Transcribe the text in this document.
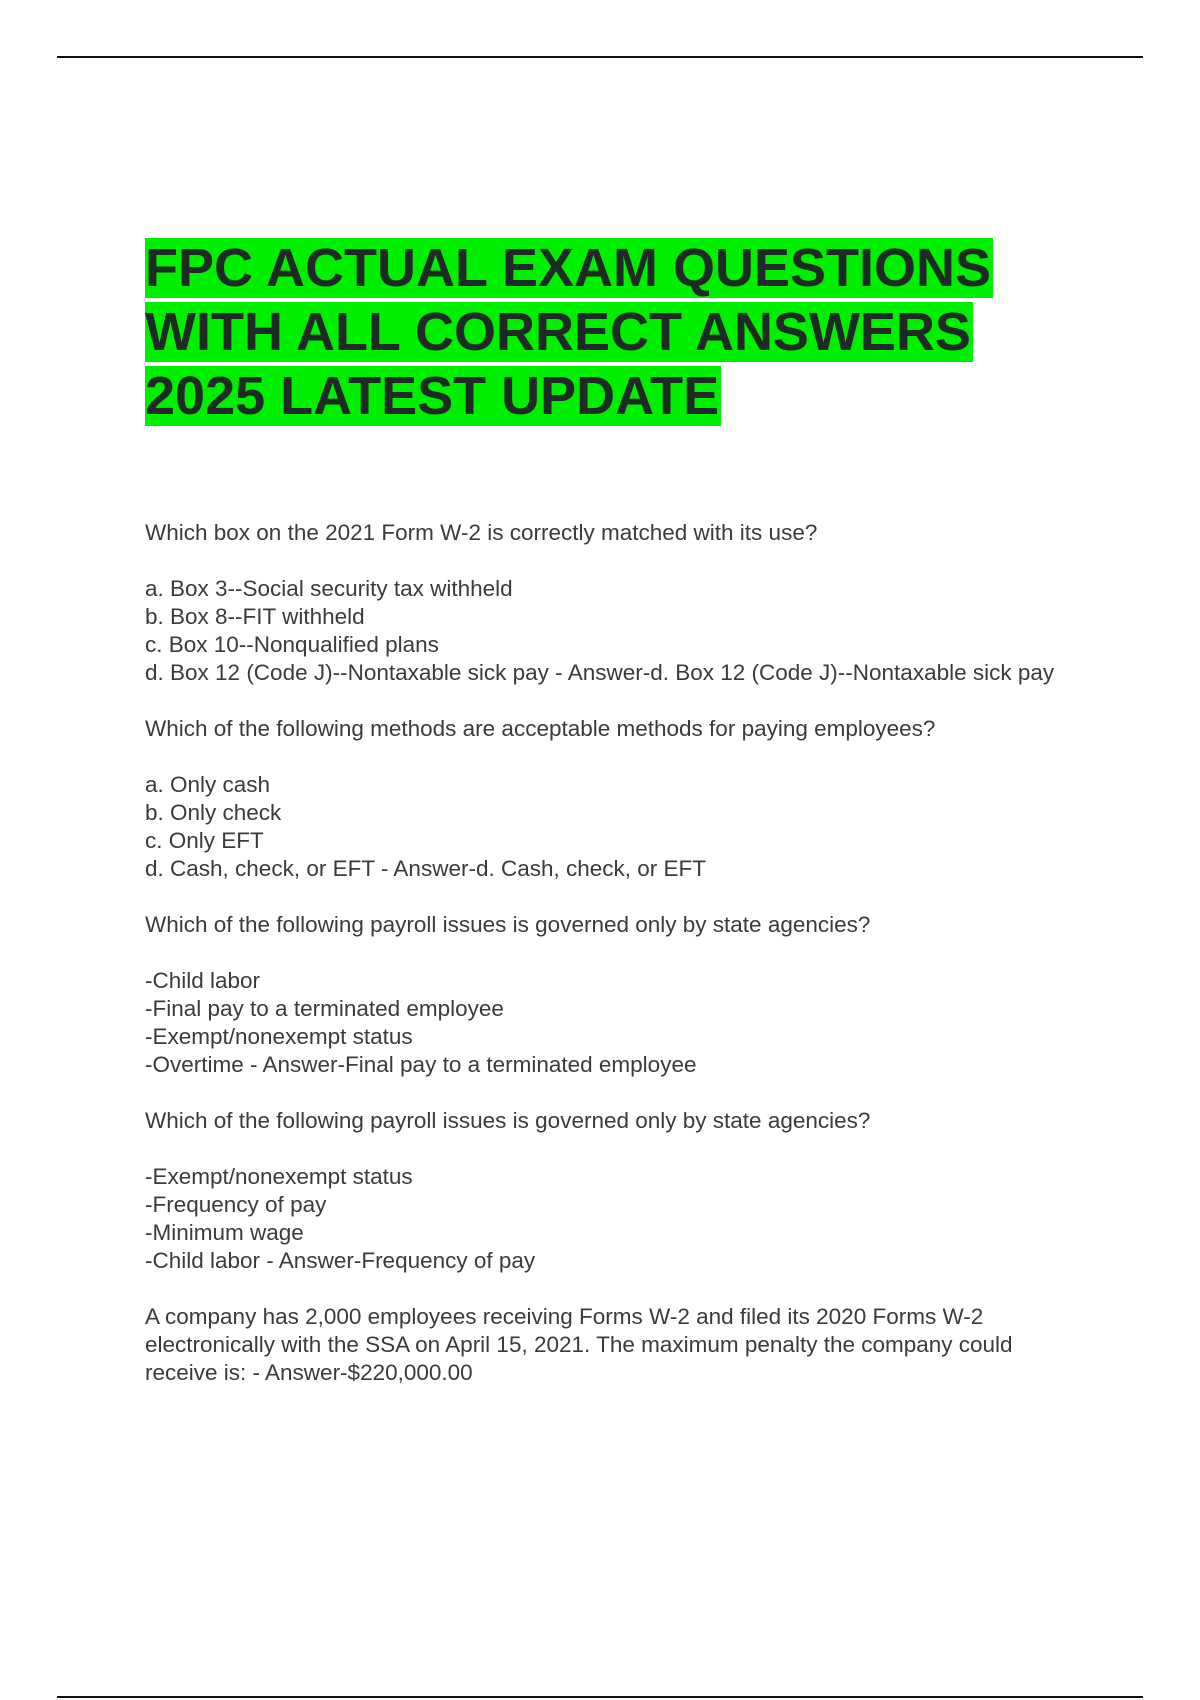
FPC ACTUAL EXAM QUESTIONS
WITH ALL CORRECT ANSWERS
2025 LATEST UPDATE

Which box on the 2021 Form W-2 is correctly matched with its use?

a. Box 3--Social security tax withheld
b. Box 8--FIT withheld
c. Box 10--Nonqualified plans
d. Box 12 (Code J)--Nontaxable sick pay - Answer-d. Box 12 (Code J)--Nontaxable sick pay

Which of the following methods are acceptable methods for paying employees?

a. Only cash
b. Only check
c. Only EFT
d. Cash, check, or EFT - Answer-d. Cash, check, or EFT

Which of the following payroll issues is governed only by state agencies?

-Child labor
-Final pay to a terminated employee
-Exempt/nonexempt status
-Overtime - Answer-Final pay to a terminated employee

Which of the following payroll issues is governed only by state agencies?

-Exempt/nonexempt status
-Frequency of pay
-Minimum wage
-Child labor - Answer-Frequency of pay

A company has 2,000 employees receiving Forms W-2 and filed its 2020 Forms W-2 electronically with the SSA on April 15, 2021. The maximum penalty the company could receive is: - Answer-$220,000.00
